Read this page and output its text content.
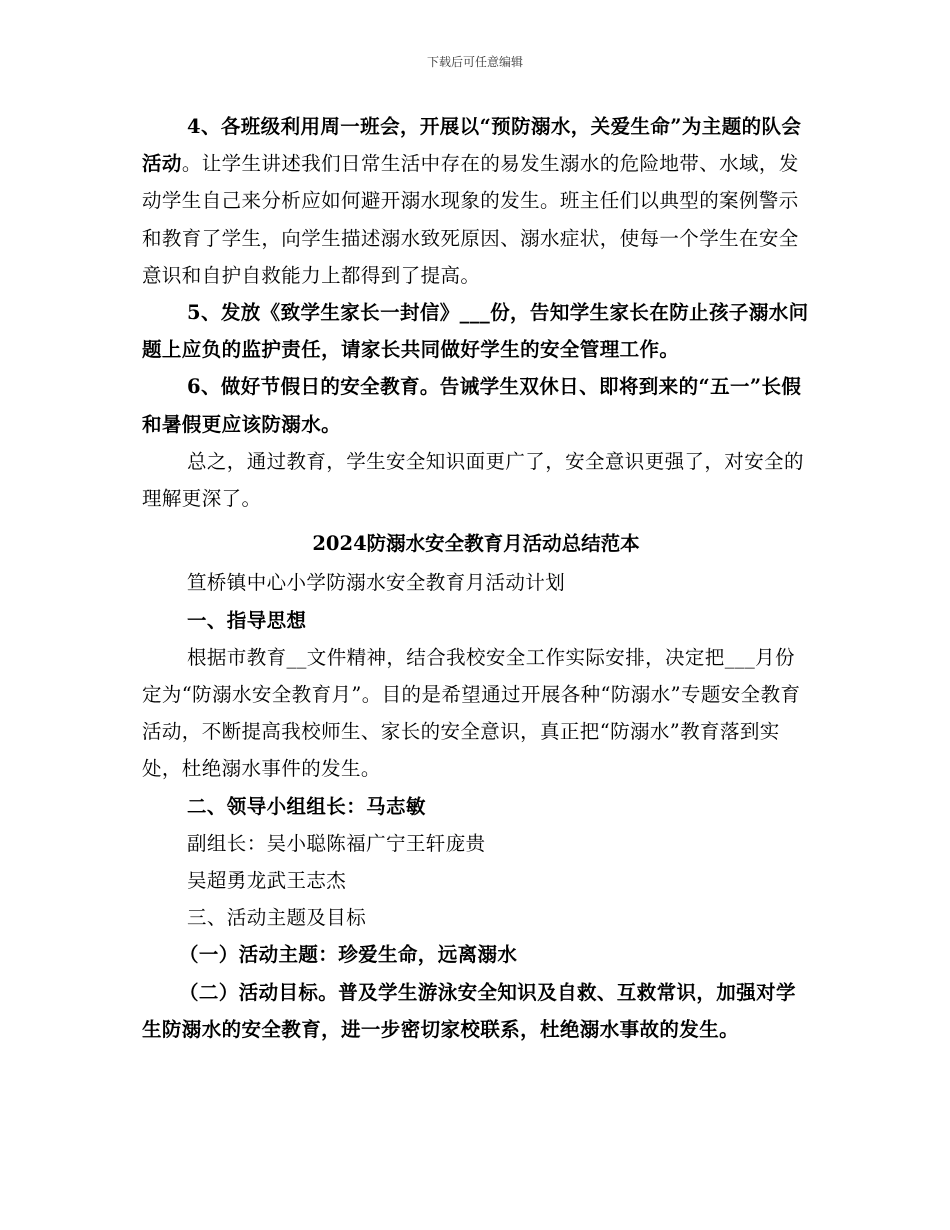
下载后可任意编辑

4、各班级利用周一班会，开展以“预防溺水，关爱生命”为主题的队会活动。让学生讲述我们日常生活中存在的易发生溺水的危险地带、水域，发动学生自己来分析应如何避开溺水现象的发生。班主任们以典型的案例警示和教育了学生，向学生描述溺水致死原因、溺水症状，使每一个学生在安全意识和自护自救能力上都得到了提高。

5、发放《致学生家长一封信》___份，告知学生家长在防止孩子溺水问题上应负的监护责任，请家长共同做好学生的安全管理工作。

6、做好节假日的安全教育。告诫学生双休日、即将到来的“五一”长假和暑假更应该防溺水。

总之，通过教育，学生安全知识面更广了，安全意识更强了，对安全的理解更深了。

2024防溺水安全教育月活动总结范本

笪桥镇中心小学防溺水安全教育月活动计划

一、指导思想

根据市教育__文件精神，结合我校安全工作实际安排，决定把___月份定为“防溺水安全教育月”。目的是希望通过开展各种“防溺水”专题安全教育活动，不断提高我校师生、家长的安全意识，真正把“防溺水”教育落到实处，杜绝溺水事件的发生。

二、领导小组组长：马志敏

副组长：吴小聪陈福广宁王轩庞贵

吴超勇龙武王志杰

三、活动主题及目标

（一）活动主题：珍爱生命，远离溺水

（二）活动目标。普及学生游泳安全知识及自救、互救常识，加强对学生防溺水的安全教育，进一步密切家校联系，杜绝溺水事故的发生。
